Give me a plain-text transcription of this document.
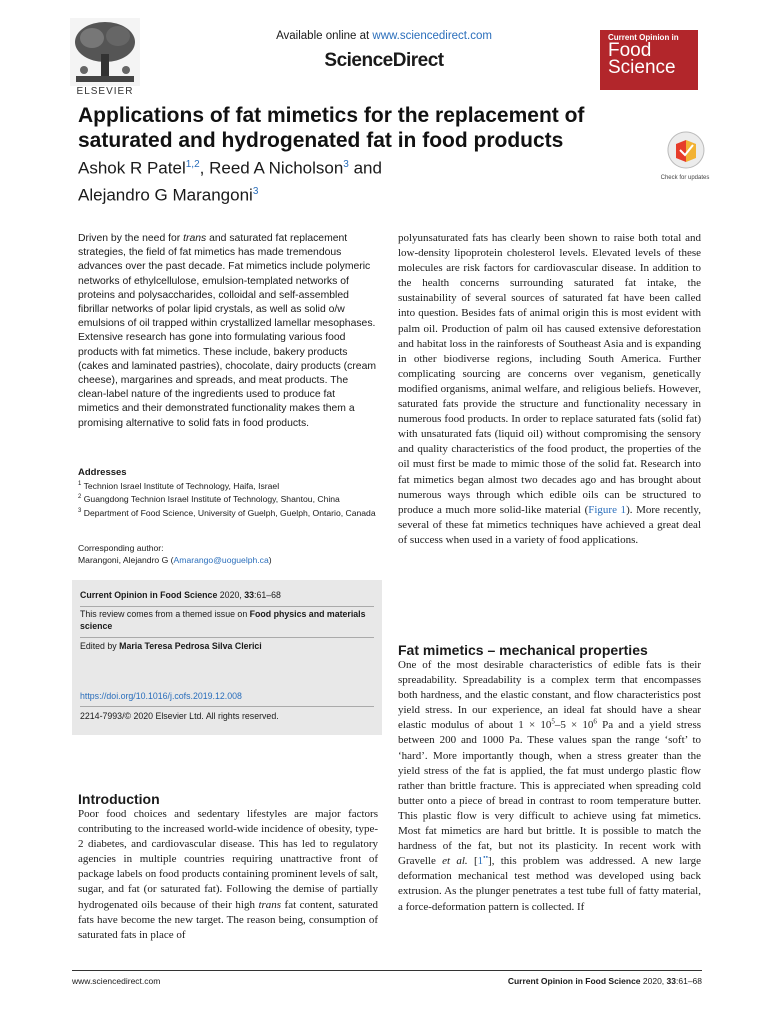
ELSEVIER
Available online at www.sciencedirect.com
ScienceDirect
Current Opinion in
Food
Science
Applications of fat mimetics for the replacement of saturated and hydrogenated fat in food products
Ashok R Patel$^{1,2}$, Reed A Nicholson$^3$ and
Alejandro G Marangoni$^3$
Check for updates

Driven by the need for trans and saturated fat replacement strategies, the field of fat mimetics has made tremendous advances over the past decade. Fat mimetics include polymeric networks of ethylcellulose, emulsion-templated networks of proteins and polysaccharides, colloidal and self-assembled fibrillar networks of polar lipid crystals, as well as solid o/w emulsions of oil trapped within crystallized lamellar mesophases. Extensive research has gone into formulating various food products with fat mimetics. These include, bakery products (cakes and laminated pastries), chocolate, dairy products (cream cheese), margarines and spreads, and meat products. The clean-label nature of the ingredients used to produce fat mimetics and their demonstrated functionality makes them a promising alternative to solid fats in food products.

Addresses
$^1$ Technion Israel Institute of Technology, Haifa, Israel
$^2$ Guangdong Technion Israel Institute of Technology, Shantou, China
$^3$ Department of Food Science, University of Guelph, Guelph, Ontario, Canada
Corresponding author:
Marangoni, Alejandro G (Amarango@uoguelph.ca)
Current Opinion in Food Science 2020, 33:61–68
This review comes from a themed issue on Food physics and materials science
Edited by Maria Teresa Pedrosa Silva Clerici
https://doi.org/10.1016/j.cofs.2019.12.008
2214-7993/© 2020 Elsevier Ltd. All rights reserved.
Introduction

Poor food choices and sedentary lifestyles are major factors contributing to the increased world-wide incidence of obesity, type-2 diabetes, and cardiovascular disease. This has led to regulatory agencies in multiple countries requiring unattractive front of package labels on food products containing prominent levels of salt, sugar, and fat (or saturated fat). Following the demise of partially hydrogenated oils because of their high trans fat content, saturated fats have become the new target. The reason being, consumption of saturated fats in place of

polyunsaturated fats has clearly been shown to raise both total and low-density lipoprotein cholesterol levels. Elevated levels of these molecules are risk factors for cardiovascular disease. In addition to the health concerns surrounding saturated fat intake, the sustainability of several sources of saturated fat have been called into question. Besides fats of animal origin this is most evident with palm oil. Production of palm oil has caused extensive deforestation and habitat loss in the rainforests of Southeast Asia and is expanding in other biodiverse regions, including South America. Further complicating sourcing are concerns over veganism, genetically modified organisms, animal welfare, and religious beliefs. However, saturated fats provide the structure and functionality necessary in numerous food products. In order to replace saturated fats (solid fat) with unsaturated fats (liquid oil) without compromising the sensory and quality characteristics of the food product, the properties of the oil must first be made to mimic those of the solid fat. Research into fat mimetics began almost two decades ago and has brought about numerous ways through which edible oils can be structured to produce a much more solid-like material (Figure 1). More recently, several of these fat mimetics techniques have achieved a great deal of success when used in a variety of food applications.

Fat mimetics – mechanical properties

One of the most desirable characteristics of edible fats is their spreadability. Spreadability is a complex term that encompasses both hardness, and the elastic constant, and flow characteristics post yield stress. In our experience, an ideal fat should have a shear elastic modulus of about $1 \times 10^5-5 \times 10^6$ Pa and a yield stress between 200 and 1000 Pa. These values span the range ‘soft’ to ‘hard’. More importantly though, when a stress greater than the yield stress of the fat is applied, the fat must undergo plastic flow rather than brittle fracture. This is appreciated when spreading cold butter onto a piece of bread in contrast to room temperature butter. This plastic flow is very difficult to achieve using fat mimetics. Most fat mimetics are hard but brittle. It is possible to match the hardness of the fat, but not its plasticity. In recent work with Gravelle et al. [1••], this problem was addressed. A new large deformation mechanical test method was developed using back extrusion. As the plunger penetrates a test tube full of fatty material, a force-deformation pattern is collected. If

www.sciencedirect.com	Current Opinion in Food Science 2020, 33:61–68
